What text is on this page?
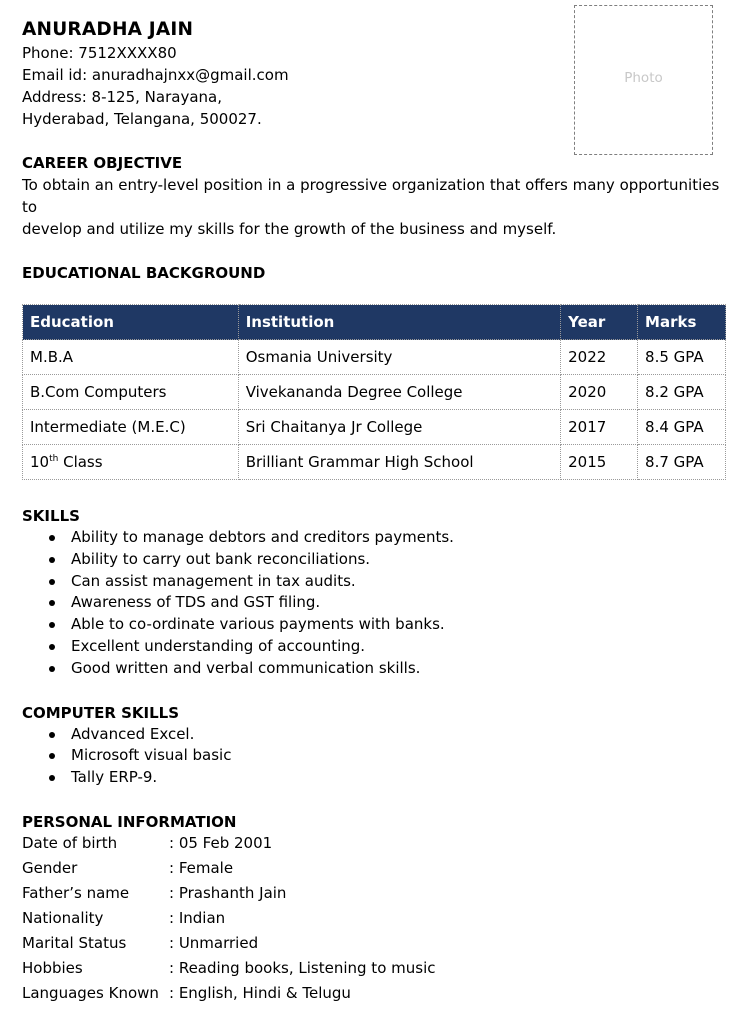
Photo
ANURADHA JAIN
Phone: 7512XXXX80
Email id: anuradhajnxx@gmail.com
Address: 8-125, Narayana,
Hyderabad, Telangana, 500027.
CAREER OBJECTIVE
To obtain an entry-level position in a progressive organization that offers many opportunities to
develop and utilize my skills for the growth of the business and myself.
EDUCATIONAL BACKGROUND
Education	Institution	Year	Marks
M.B.A	Osmania University	2022	8.5 GPA
B.Com Computers	Vivekananda Degree College	2020	8.2 GPA
Intermediate (M.E.C)	Sri Chaitanya Jr College	2017	8.4 GPA
10th Class	Brilliant Grammar High School	2015	8.7 GPA
SKILLS
Ability to manage debtors and creditors payments.
Ability to carry out bank reconciliations.
Can assist management in tax audits.
Awareness of TDS and GST filing.
Able to co-ordinate various payments with banks.
Excellent understanding of accounting.
Good written and verbal communication skills.
COMPUTER SKILLS
Advanced Excel.
Microsoft visual basic
Tally ERP-9.
PERSONAL INFORMATION
Date of birth	: 05 Feb 2001
Gender	: Female
Father’s name	: Prashanth Jain
Nationality	: Indian
Marital Status	: Unmarried
Hobbies	: Reading books, Listening to music
Languages Known : English, Hindi & Telugu
